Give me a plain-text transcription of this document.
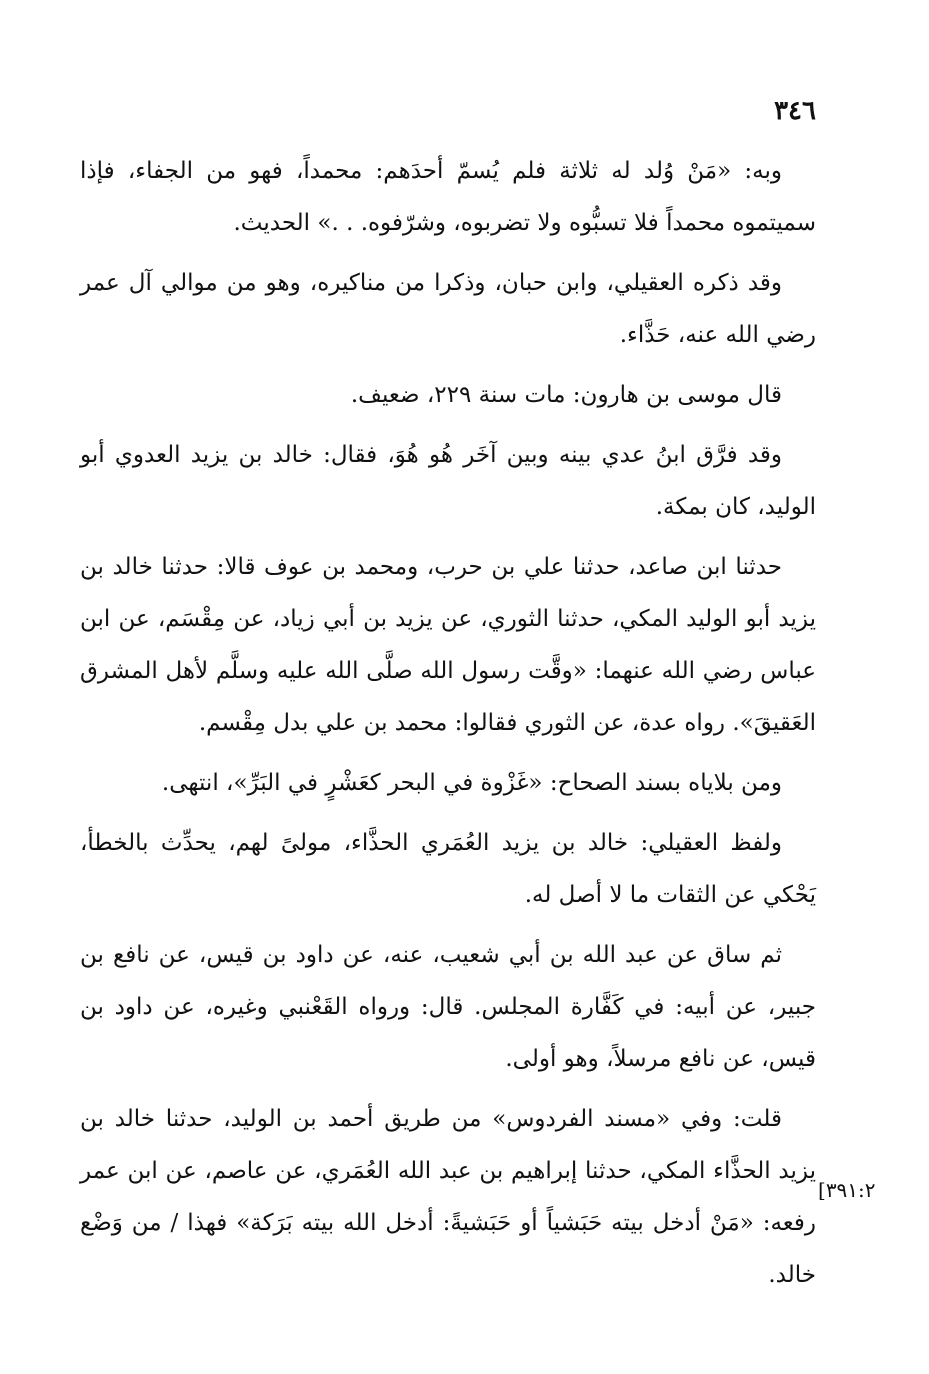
٣٤٦

وبه: «مَنْ وُلد له ثلاثة فلم يُسمّ أحدَهم: محمداً، فهو من الجفاء، فإذا سميتموه محمداً فلا تسبُّوه ولا تضربوه، وشرّفوه. . .» الحديث.

وقد ذكره العقيلي، وابن حبان، وذكرا من مناكيره، وهو من موالي آل عمر رضي الله عنه، حَذَّاء.

قال موسى بن هارون: مات سنة ٢٢٩، ضعيف.

وقد فرَّق ابنُ عدي بينه وبين آخَر هُو هُوَ، فقال: خالد بن يزيد العدوي أبو الوليد، كان بمكة.

حدثنا ابن صاعد، حدثنا علي بن حرب، ومحمد بن عوف قالا: حدثنا خالد بن يزيد أبو الوليد المكي، حدثنا الثوري، عن يزيد بن أبي زياد، عن مِقْسَم، عن ابن عباس رضي الله عنهما: «وقَّت رسول الله صلَّى الله عليه وسلَّم لأهل المشرق العَقيقَ». رواه عدة، عن الثوري فقالوا: محمد بن علي بدل مِقْسم.

ومن بلاياه بسند الصحاح: «غَزْوة في البحر كعَشْرٍ في البَرِّ»، انتهى.

ولفظ العقيلي: خالد بن يزيد العُمَري الحذَّاء، مولىً لهم، يحدِّث بالخطأ، يَحْكي عن الثقات ما لا أصل له.

ثم ساق عن عبد الله بن أبي شعيب، عنه، عن داود بن قيس، عن نافع بن جبير، عن أبيه: في كَفَّارة المجلس. قال: ورواه القَعْنبي وغيره، عن داود بن قيس، عن نافع مرسلاً، وهو أولى.

قلت: وفي «مسند الفردوس» من طريق أحمد بن الوليد، حدثنا خالد بن يزيد الحذَّاء المكي، حدثنا إبراهيم بن عبد الله العُمَري، عن عاصم، عن ابن عمر رفعه: «مَنْ أدخل بيته حَبَشياً أو حَبَشيةً: أدخل الله بيته بَرَكة» فهذا / من وَضْع خالد.

[٣٩١:٢
